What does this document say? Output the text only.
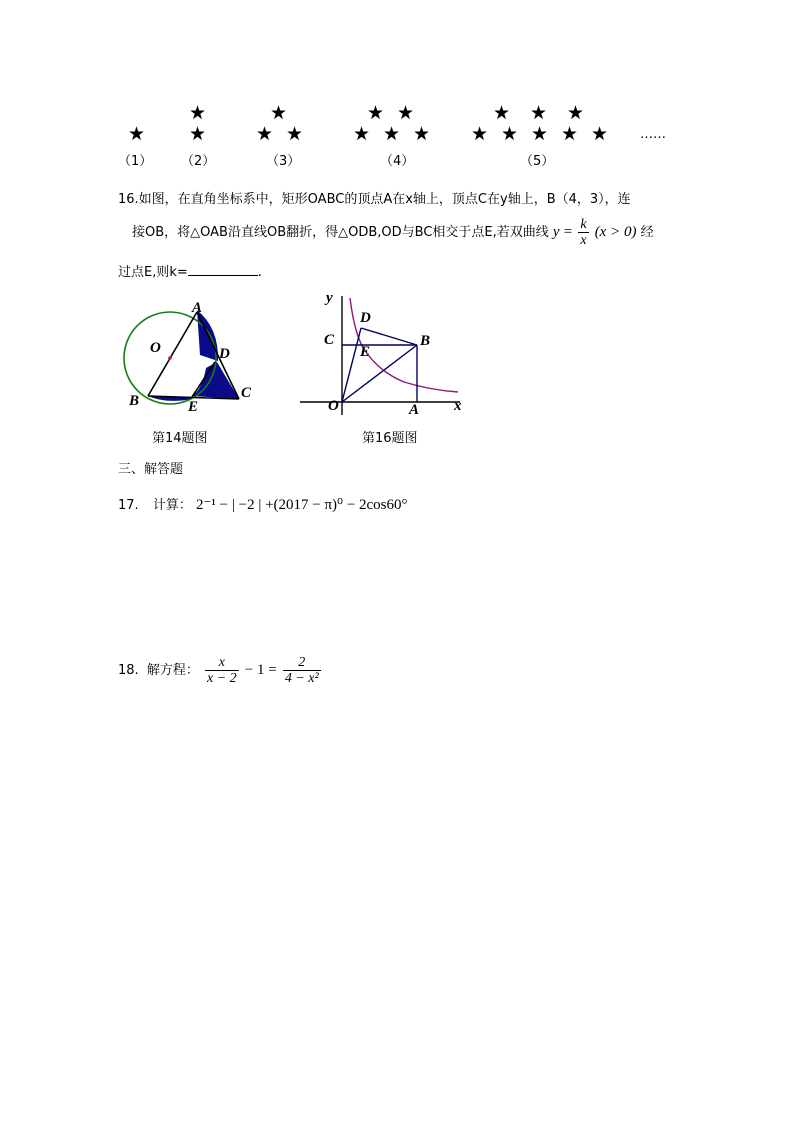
★
★
★
★
★ ★
★ ★
★ ★ ★
★ ★ ★
★ ★ ★ ★ ★ ……
（1） （2）	（3）	（4）	（5）
16.如图，在直角坐标系中，矩形OABC的顶点A在x轴上，顶点C在y轴上，B（4，3），连
接OB，将△OAB沿直线OB翻折，得△ODB,OD与BC相交于点E,若双曲线 $y = \frac{k}{x} (x > 0)$ 经
过点E,则k=	.
A
O	D
B	E
C
第14题图
y
x
D
C
E
B
O	A
第16题图
三、解答题
17. 计算： 2⁻¹ − | −2 | +(2017 − π)⁰ − 2cos60°
18. 解方程： $\frac{x}{x - 2} - 1 = \frac{2}{\text{4 − x²}}$
